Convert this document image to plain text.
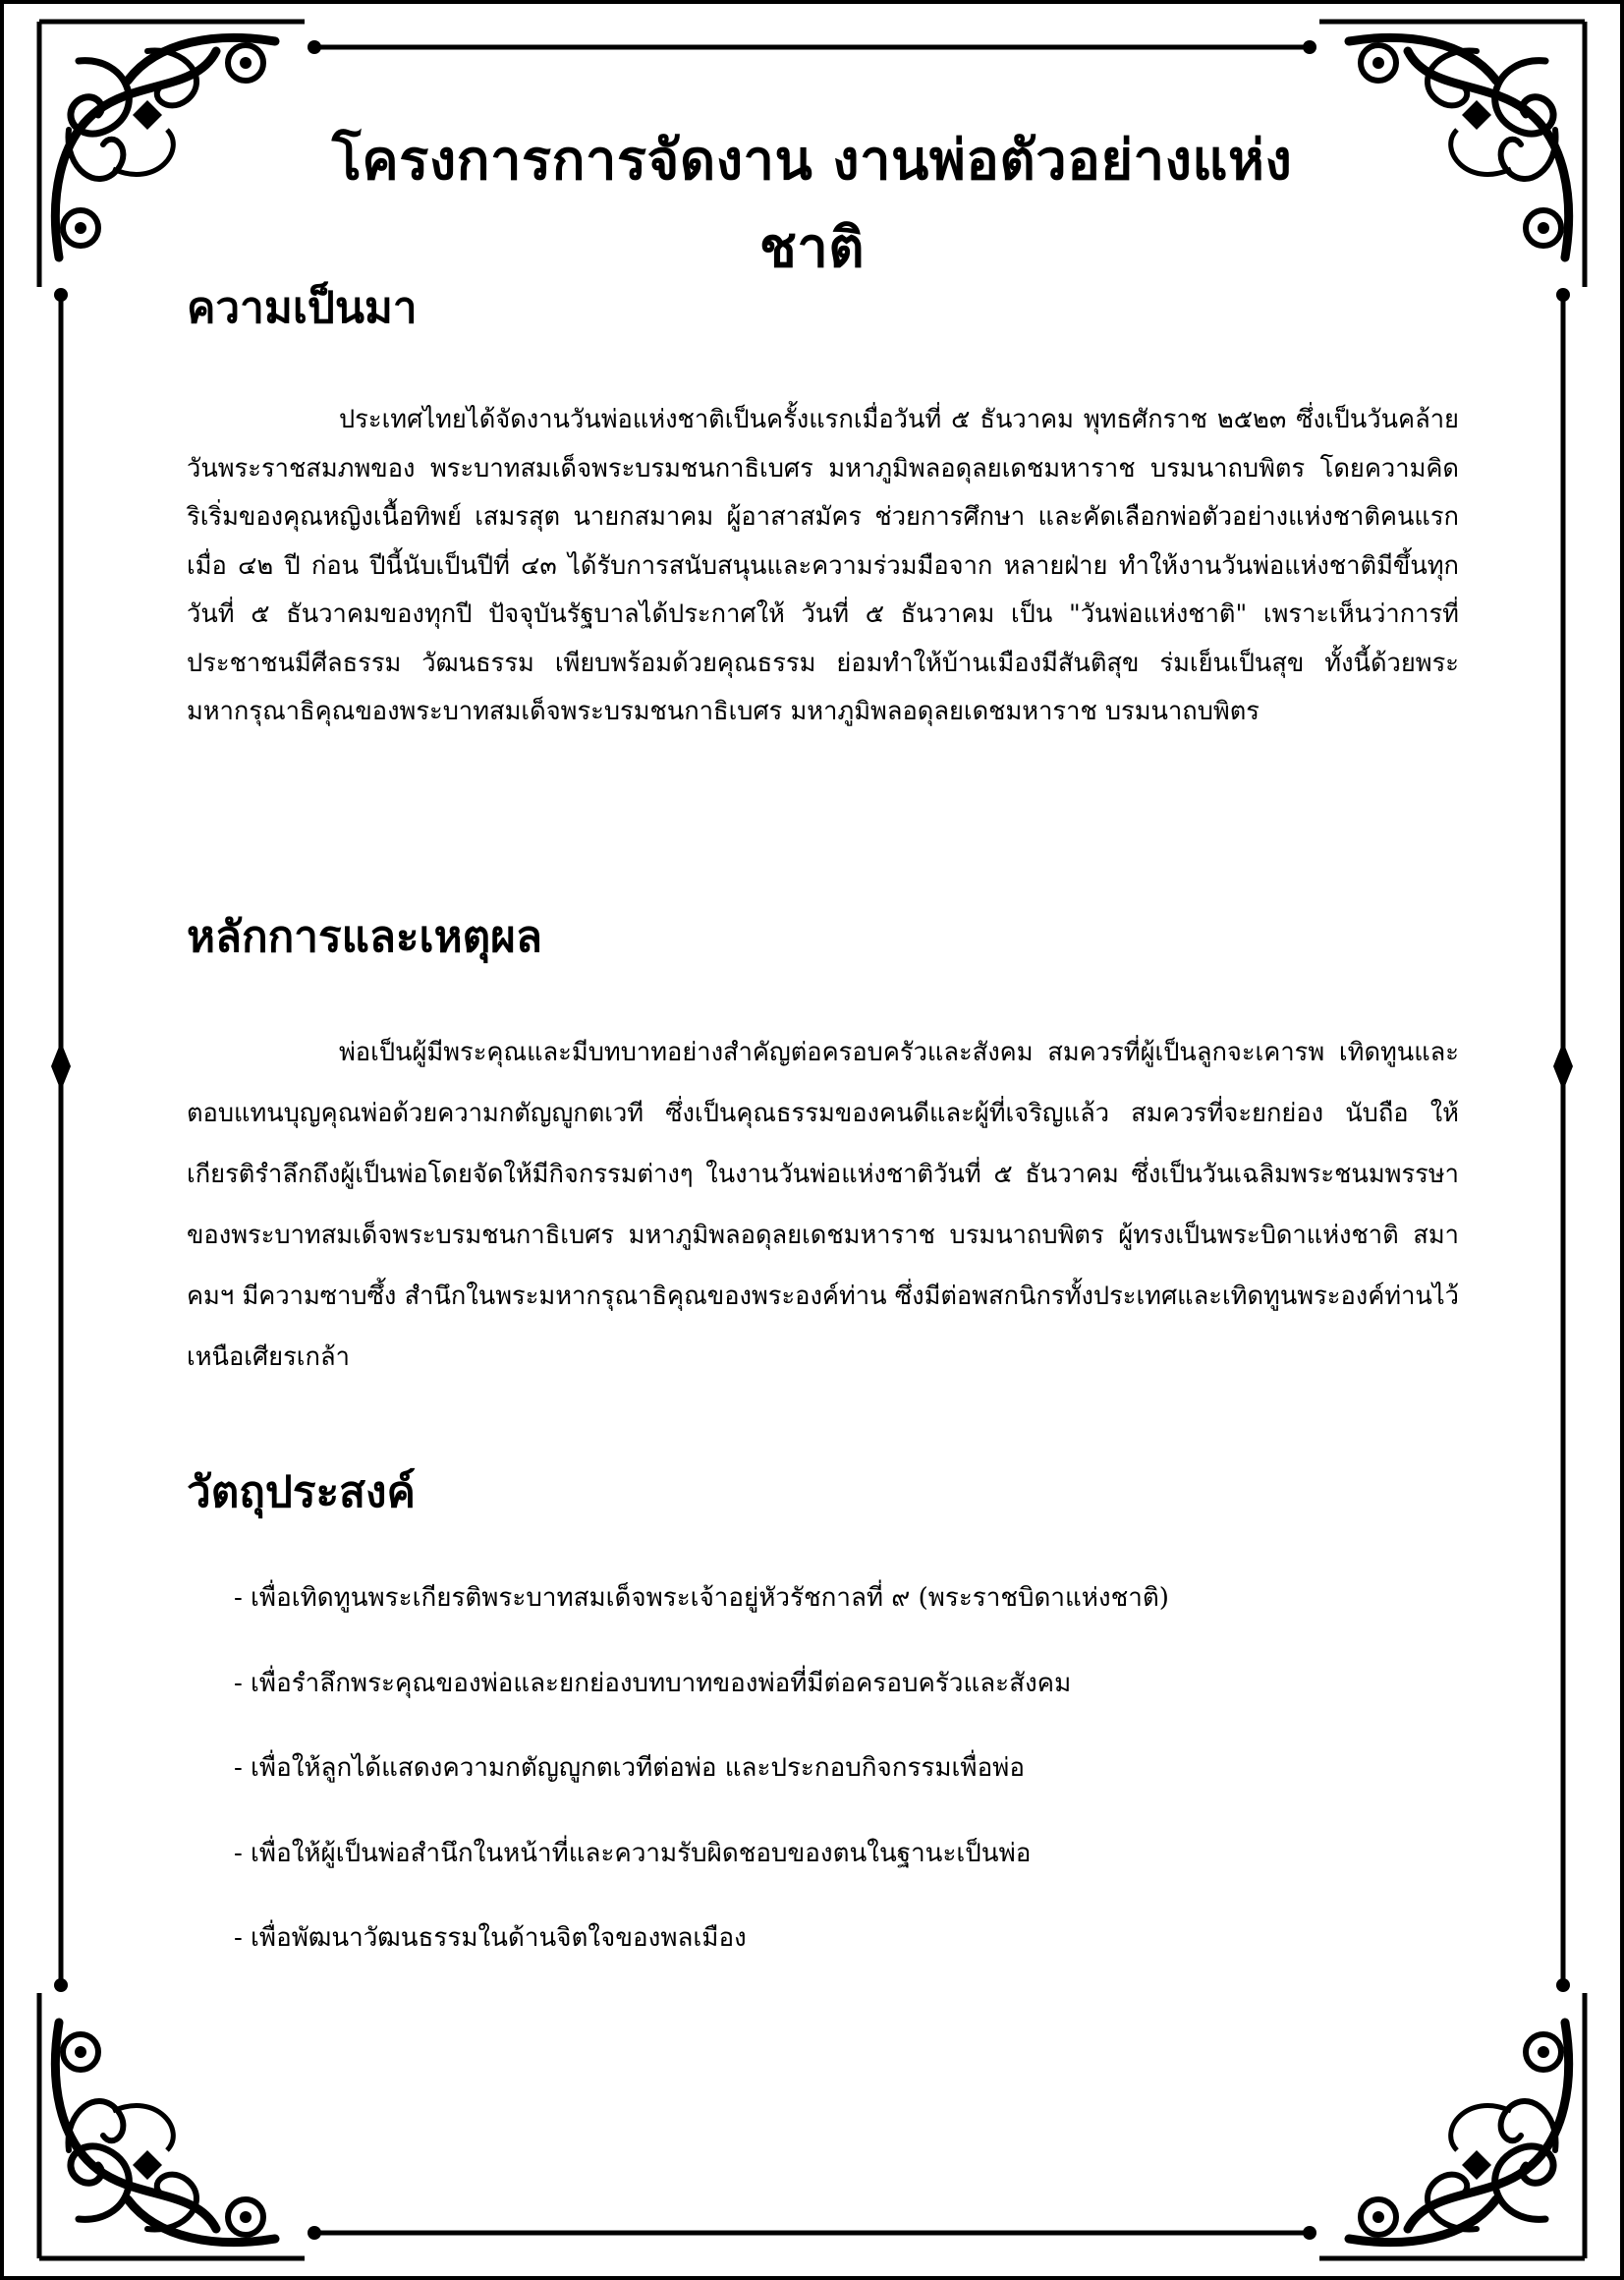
โครงการการจัดงาน งานพ่อตัวอย่างแห่งชาติ
ความเป็นมา

ประเทศไทยได้จัดงานวันพ่อแห่งชาติเป็นครั้งแรกเมื่อวันที่ ๕ ธันวาคม พุทธศักราช ๒๕๒๓ ซึ่งเป็นวันคล้ายวันพระราชสมภพของ พระบาทสมเด็จพระบรมชนกาธิเบศร มหาภูมิพลอดุลยเดชมหาราช บรมนาถบพิตร โดยความคิดริเริ่มของคุณหญิงเนื้อทิพย์ เสมรสุต นายกสมาคม ผู้อาสาสมัคร ช่วยการศึกษา และคัดเลือกพ่อตัวอย่างแห่งชาติคนแรก เมื่อ ๔๒ ปี ก่อน ปีนี้นับเป็นปีที่ ๔๓ ได้รับการสนับสนุนและความร่วมมือจาก หลายฝ่าย ทำให้งานวันพ่อแห่งชาติมีขึ้นทุกวันที่ ๕ ธันวาคมของทุกปี ปัจจุบันรัฐบาลได้ประกาศให้ วันที่ ๕ ธันวาคม เป็น "วันพ่อแห่งชาติ" เพราะเห็นว่าการที่ประชาชนมีศีลธรรม วัฒนธรรม เพียบพร้อมด้วยคุณธรรม ย่อมทำให้บ้านเมืองมีสันติสุข ร่มเย็นเป็นสุข ทั้งนี้ด้วยพระมหากรุณาธิคุณของพระบาทสมเด็จพระบรมชนกาธิเบศร มหาภูมิพลอดุลยเดชมหาราช บรมนาถบพิตร

หลักการและเหตุผล

พ่อเป็นผู้มีพระคุณและมีบทบาทอย่างสำคัญต่อครอบครัวและสังคม สมควรที่ผู้เป็นลูกจะเคารพ เทิดทูนและตอบแทนบุญคุณพ่อด้วยความกตัญญูกตเวที ซึ่งเป็นคุณธรรมของคนดีและผู้ที่เจริญแล้ว สมควรที่จะยกย่อง นับถือ ให้เกียรติรำลึกถึงผู้เป็นพ่อโดยจัดให้มีกิจกรรมต่างๆ ในงานวันพ่อแห่งชาติวันที่ ๕ ธันวาคม ซึ่งเป็นวันเฉลิมพระชนมพรรษา ของพระบาทสมเด็จพระบรมชนกาธิเบศร มหาภูมิพลอดุลยเดชมหาราช บรมนาถบพิตร ผู้ทรงเป็นพระบิดาแห่งชาติ สมาคมฯ มีความซาบซึ้ง สำนึกในพระมหากรุณาธิคุณของพระองค์ท่าน ซึ่งมีต่อพสกนิกรทั้งประเทศและเทิดทูนพระองค์ท่านไว้เหนือเศียรเกล้า

วัตถุประสงค์
- เพื่อเทิดทูนพระเกียรติพระบาทสมเด็จพระเจ้าอยู่หัวรัชกาลที่ ๙ (พระราชบิดาแห่งชาติ)
- เพื่อรำลึกพระคุณของพ่อและยกย่องบทบาทของพ่อที่มีต่อครอบครัวและสังคม
- เพื่อให้ลูกได้แสดงความกตัญญูกตเวทีต่อพ่อ และประกอบกิจกรรมเพื่อพ่อ
- เพื่อให้ผู้เป็นพ่อสำนึกในหน้าที่และความรับผิดชอบของตนในฐานะเป็นพ่อ
- เพื่อพัฒนาวัฒนธรรมในด้านจิตใจของพลเมือง
